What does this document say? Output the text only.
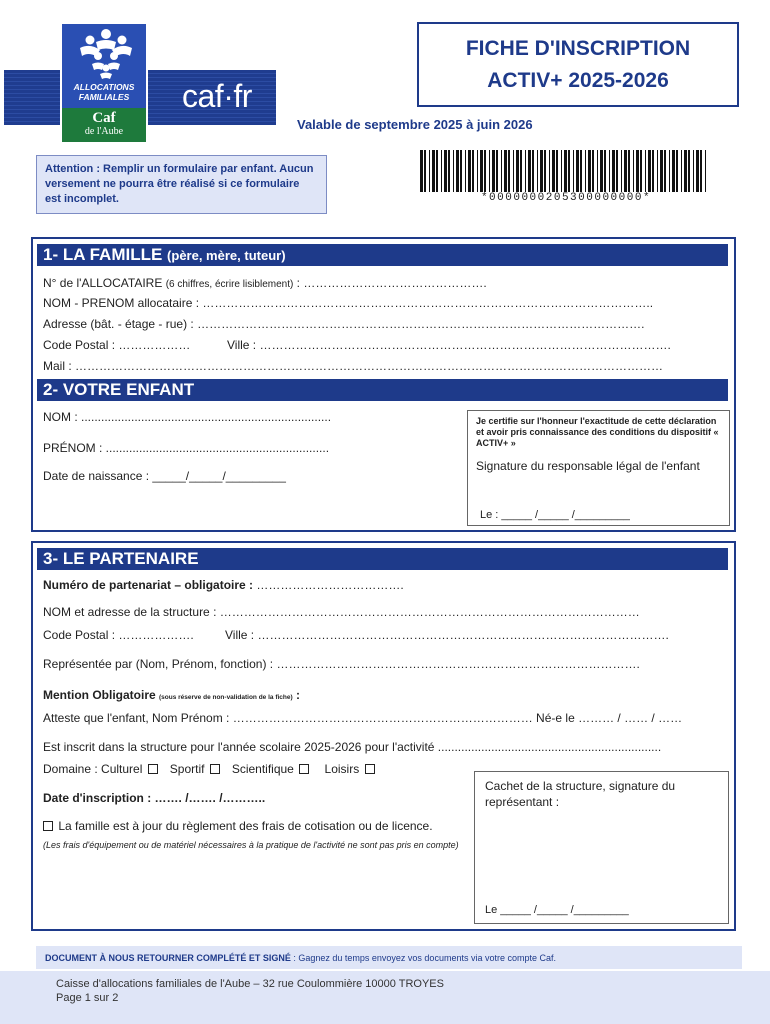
ALLOCATIONS FAMILIALES
Caf
de l'Aube
caf·fr
FICHE D'INSCRIPTION
ACTIV+ 2025-2026
Valable de septembre 2025 à juin 2026
Attention : Remplir un formulaire par enfant. Aucun versement ne pourra être réalisé si ce formulaire est incomplet.	*0000000205300000000*
1- LA FAMILLE (père, mère, tuteur)
N° de l'ALLOCATAIRE (6 chiffres, écrire lisiblement) : ……………………………………….
NOM - PRENOM allocataire : …………………………………………………………………………………………………..
Adresse (bât. - étage - rue) : ………………………………………………………………………………………………….
Code Postal : ………………	Ville : ………………………………………………………………………………………….
Mail : …………………………………………………………………………………………………………………………………
2- VOTRE ENFANT
NOM : ...........................................................................
PRÉNOM : ...................................................................
Date de naissance : _____/_____/_________
Je certifie sur l'honneur l'exactitude de cette déclaration et avoir pris connaissance des conditions du dispositif « ACTIV+ »
Signature du responsable légal de l'enfant
Le : _____ /_____ /_________
3- LE PARTENAIRE
Numéro de partenariat – obligatoire : ……………………………….
NOM et adresse de la structure : ……………………………………………………………………………………………
Code Postal : ……………….	Ville : ………………………………………………………………………………………….
Représentée par (Nom, Prénom, fonction) : ……………………………………………………………………………….
Mention Obligatoire (sous réserve de non-validation de la fiche) :
Atteste que l'enfant, Nom Prénom : ………………………………………………………………… Né-e le ……… / …… / ……
Est inscrit dans la structure pour l'année scolaire 2025-2026 pour l'activité ...................................................................
Domaine : Culturel Sportif Scientifique	Loisirs
Date d'inscription : ……. /……. /………..
La famille est à jour du règlement des frais de cotisation ou de licence.
(Les frais d'équipement ou de matériel nécessaires à la pratique de l'activité ne sont pas pris en compte)
Cachet de la structure, signature du représentant :
Le _____ /_____ /_________
DOCUMENT À NOUS RETOURNER COMPLÉTÉ ET SIGNÉ : Gagnez du temps envoyez vos documents via votre compte Caf.
Caisse d'allocations familiales de l'Aube – 32 rue Coulommière 10000 TROYES
Page 1 sur 2
